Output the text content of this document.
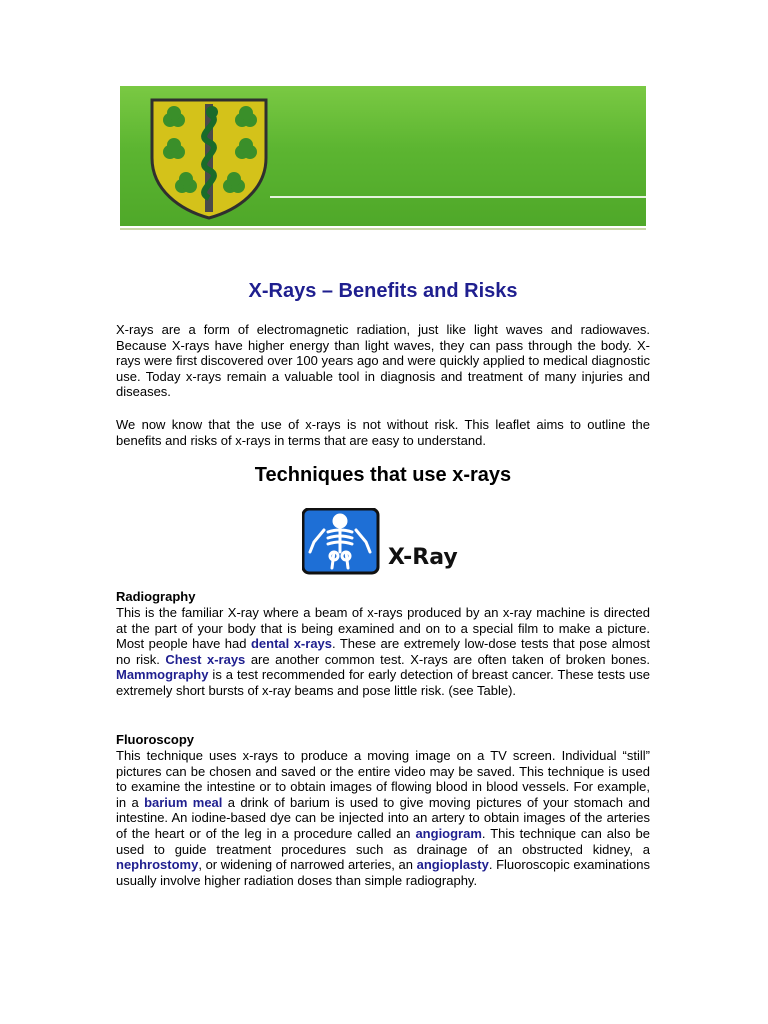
X-Rays – Benefits and Risks

X-rays are a form of electromagnetic radiation, just like light waves and radiowaves. Because X-rays have higher energy than light waves, they can pass through the body. X-rays were first discovered over 100 years ago and were quickly applied to medical diagnostic use. Today x-rays remain a valuable tool in diagnosis and treatment of many injuries and diseases.

We now know that the use of x-rays is not without risk. This leaflet aims to outline the benefits and risks of x-rays in terms that are easy to understand.

Techniques that use x-rays
X-Ray
Radiography

This is the familiar X-ray where a beam of x-rays produced by an x-ray machine is directed at the part of your body that is being examined and on to a special film to make a picture. Most people have had dental x-rays. These are extremely low-dose tests that pose almost no risk. Chest x-rays are another common test. X-rays are often taken of broken bones. Mammography is a test recommended for early detection of breast cancer. These tests use extremely short bursts of x-ray beams and pose little risk. (see Table).

Fluoroscopy

This technique uses x-rays to produce a moving image on a TV screen. Individual “still” pictures can be chosen and saved or the entire video may be saved. This technique is used to examine the intestine or to obtain images of flowing blood in blood vessels. For example, in a barium meal a drink of barium is used to give moving pictures of your stomach and intestine. An iodine-based dye can be injected into an artery to obtain images of the arteries of the heart or of the leg in a procedure called an angiogram. This technique can also be used to guide treatment procedures such as drainage of an obstructed kidney, a nephrostomy, or widening of narrowed arteries, an angioplasty. Fluoroscopic examinations usually involve higher radiation doses than simple radiography.
